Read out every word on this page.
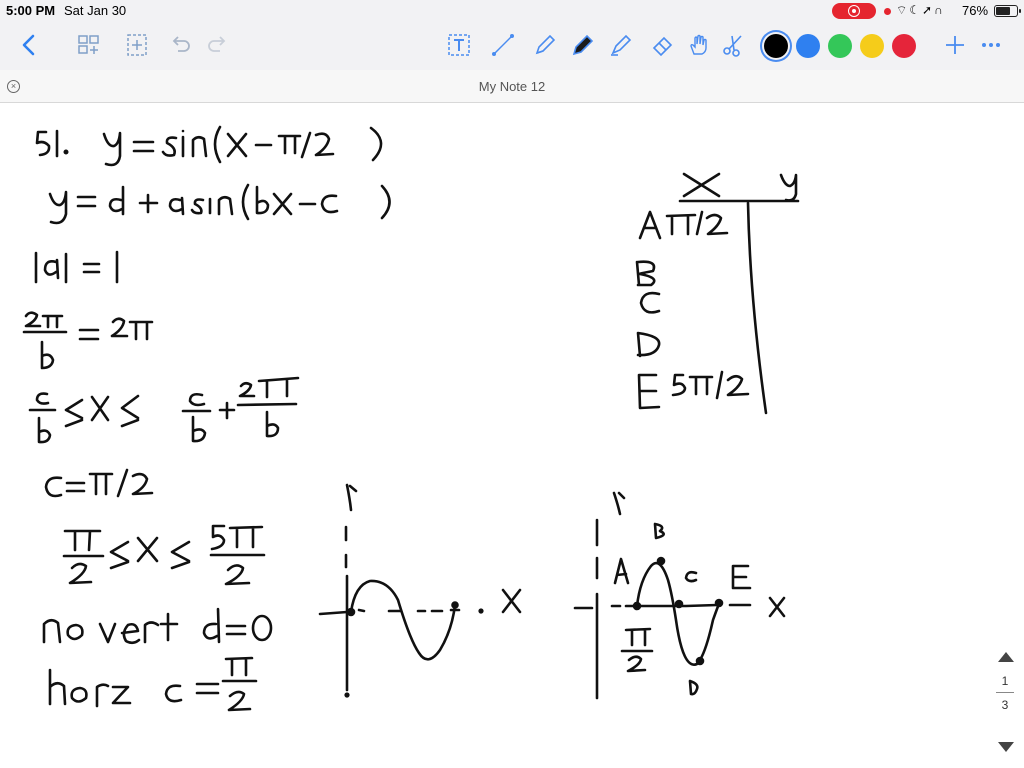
5:00 PM Sat Jan 30	⌔☾➚∩ 76%
×	My Note 12
1
3
